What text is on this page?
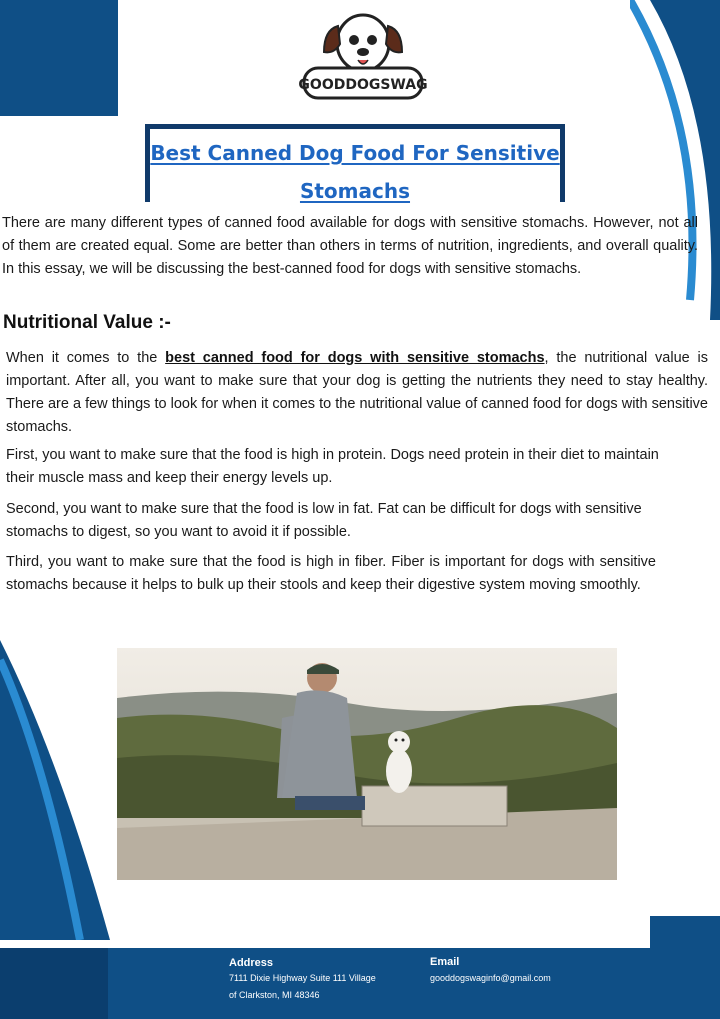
GOODDOGSWAG
Best Canned Dog Food For Sensitive
Stomachs

There are many different types of canned food available for dogs with sensitive stomachs. However, not all of them are created equal. Some are better than others in terms of nutrition, ingredients, and overall quality. In this essay, we will be discussing the best-canned food for dogs with sensitive stomachs.

Nutritional Value :-

When it comes to the best canned food for dogs with sensitive stomachs, the nutritional value is important. After all, you want to make sure that your dog is getting the nutrients they need to stay healthy. There are a few things to look for when it comes to the nutritional value of canned food for dogs with sensitive stomachs.

First, you want to make sure that the food is high in protein. Dogs need protein in their diet to maintain their muscle mass and keep their energy levels up.

Second, you want to make sure that the food is low in fat. Fat can be difficult for dogs with sensitive stomachs to digest, so you want to avoid it if possible.

Third, you want to make sure that the food is high in fiber. Fiber is important for dogs with sensitive stomachs because it helps to bulk up their stools and keep their digestive system moving smoothly.

Address
7111 Dixie Highway Suite 111 Village
of Clarkston, MI 48346
Email
gooddogswaginfo@gmail.com
